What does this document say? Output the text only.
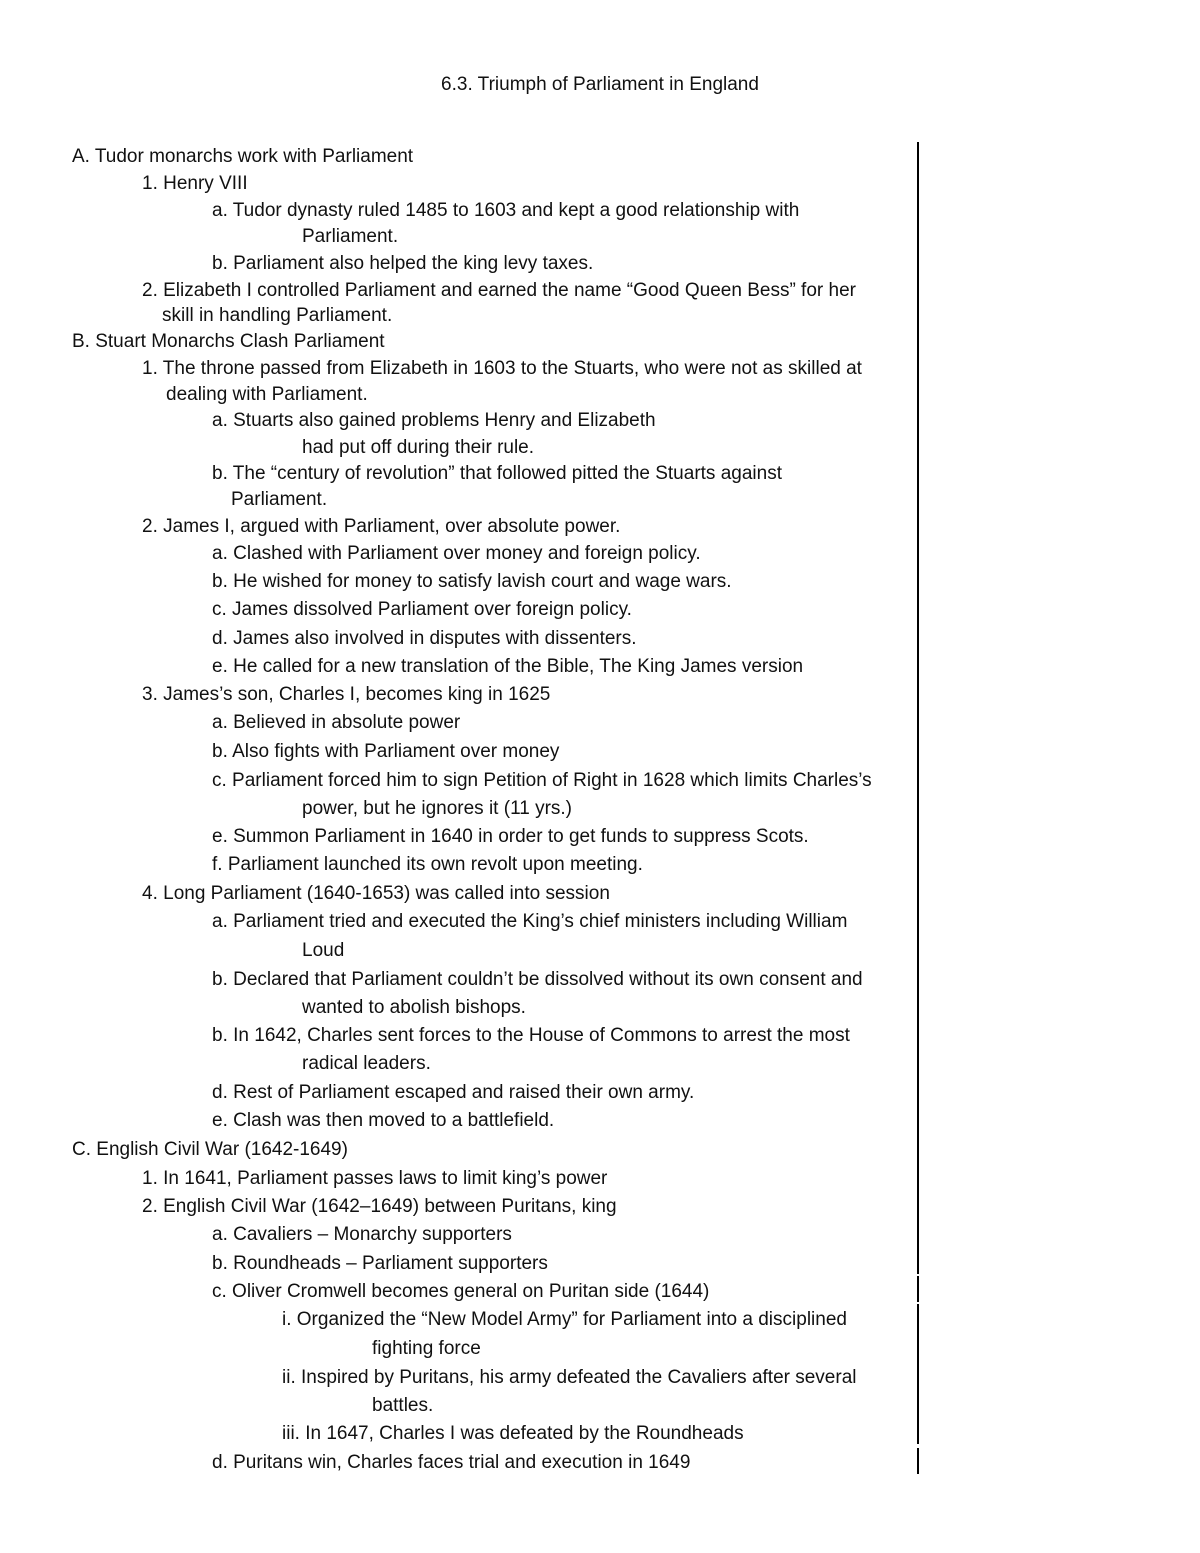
6.3. Triumph of Parliament in England
A. Tudor monarchs work with Parliament
1. Henry VIII
a. Tudor dynasty ruled 1485 to 1603 and kept a good relationship with
Parliament.
b. Parliament also helped the king levy taxes.
2. Elizabeth I controlled Parliament and earned the name “Good Queen Bess” for her
skill in handling Parliament.
B. Stuart Monarchs Clash Parliament
1. The throne passed from Elizabeth in 1603 to the Stuarts, who were not as skilled at
dealing with Parliament.
a. Stuarts also gained problems Henry and Elizabeth
had put off during their rule.
b. The “century of revolution” that followed pitted the Stuarts against
Parliament.
2. James I, argued with Parliament, over absolute power.
a. Clashed with Parliament over money and foreign policy.
b. He wished for money to satisfy lavish court and wage wars.
c. James dissolved Parliament over foreign policy.
d. James also involved in disputes with dissenters.
e. He called for a new translation of the Bible, The King James version
3. James’s son, Charles I, becomes king in 1625
a. Believed in absolute power
b. Also fights with Parliament over money
c. Parliament forced him to sign Petition of Right in 1628 which limits Charles’s
power, but he ignores it (11 yrs.)
e. Summon Parliament in 1640 in order to get funds to suppress Scots.
f. Parliament launched its own revolt upon meeting.
4. Long Parliament (1640-1653) was called into session
a. Parliament tried and executed the King’s chief ministers including William
Loud
b. Declared that Parliament couldn’t be dissolved without its own consent and
wanted to abolish bishops.
b. In 1642, Charles sent forces to the House of Commons to arrest the most
radical leaders.
d. Rest of Parliament escaped and raised their own army.
e. Clash was then moved to a battlefield.
C. English Civil War (1642-1649)
1. In 1641, Parliament passes laws to limit king’s power
2. English Civil War (1642–1649) between Puritans, king
a. Cavaliers – Monarchy supporters
b. Roundheads – Parliament supporters
c. Oliver Cromwell becomes general on Puritan side (1644)
i. Organized the “New Model Army” for Parliament into a disciplined
fighting force
ii. Inspired by Puritans, his army defeated the Cavaliers after several
battles.
iii. In 1647, Charles I was defeated by the Roundheads
d. Puritans win, Charles faces trial and execution in 1649
